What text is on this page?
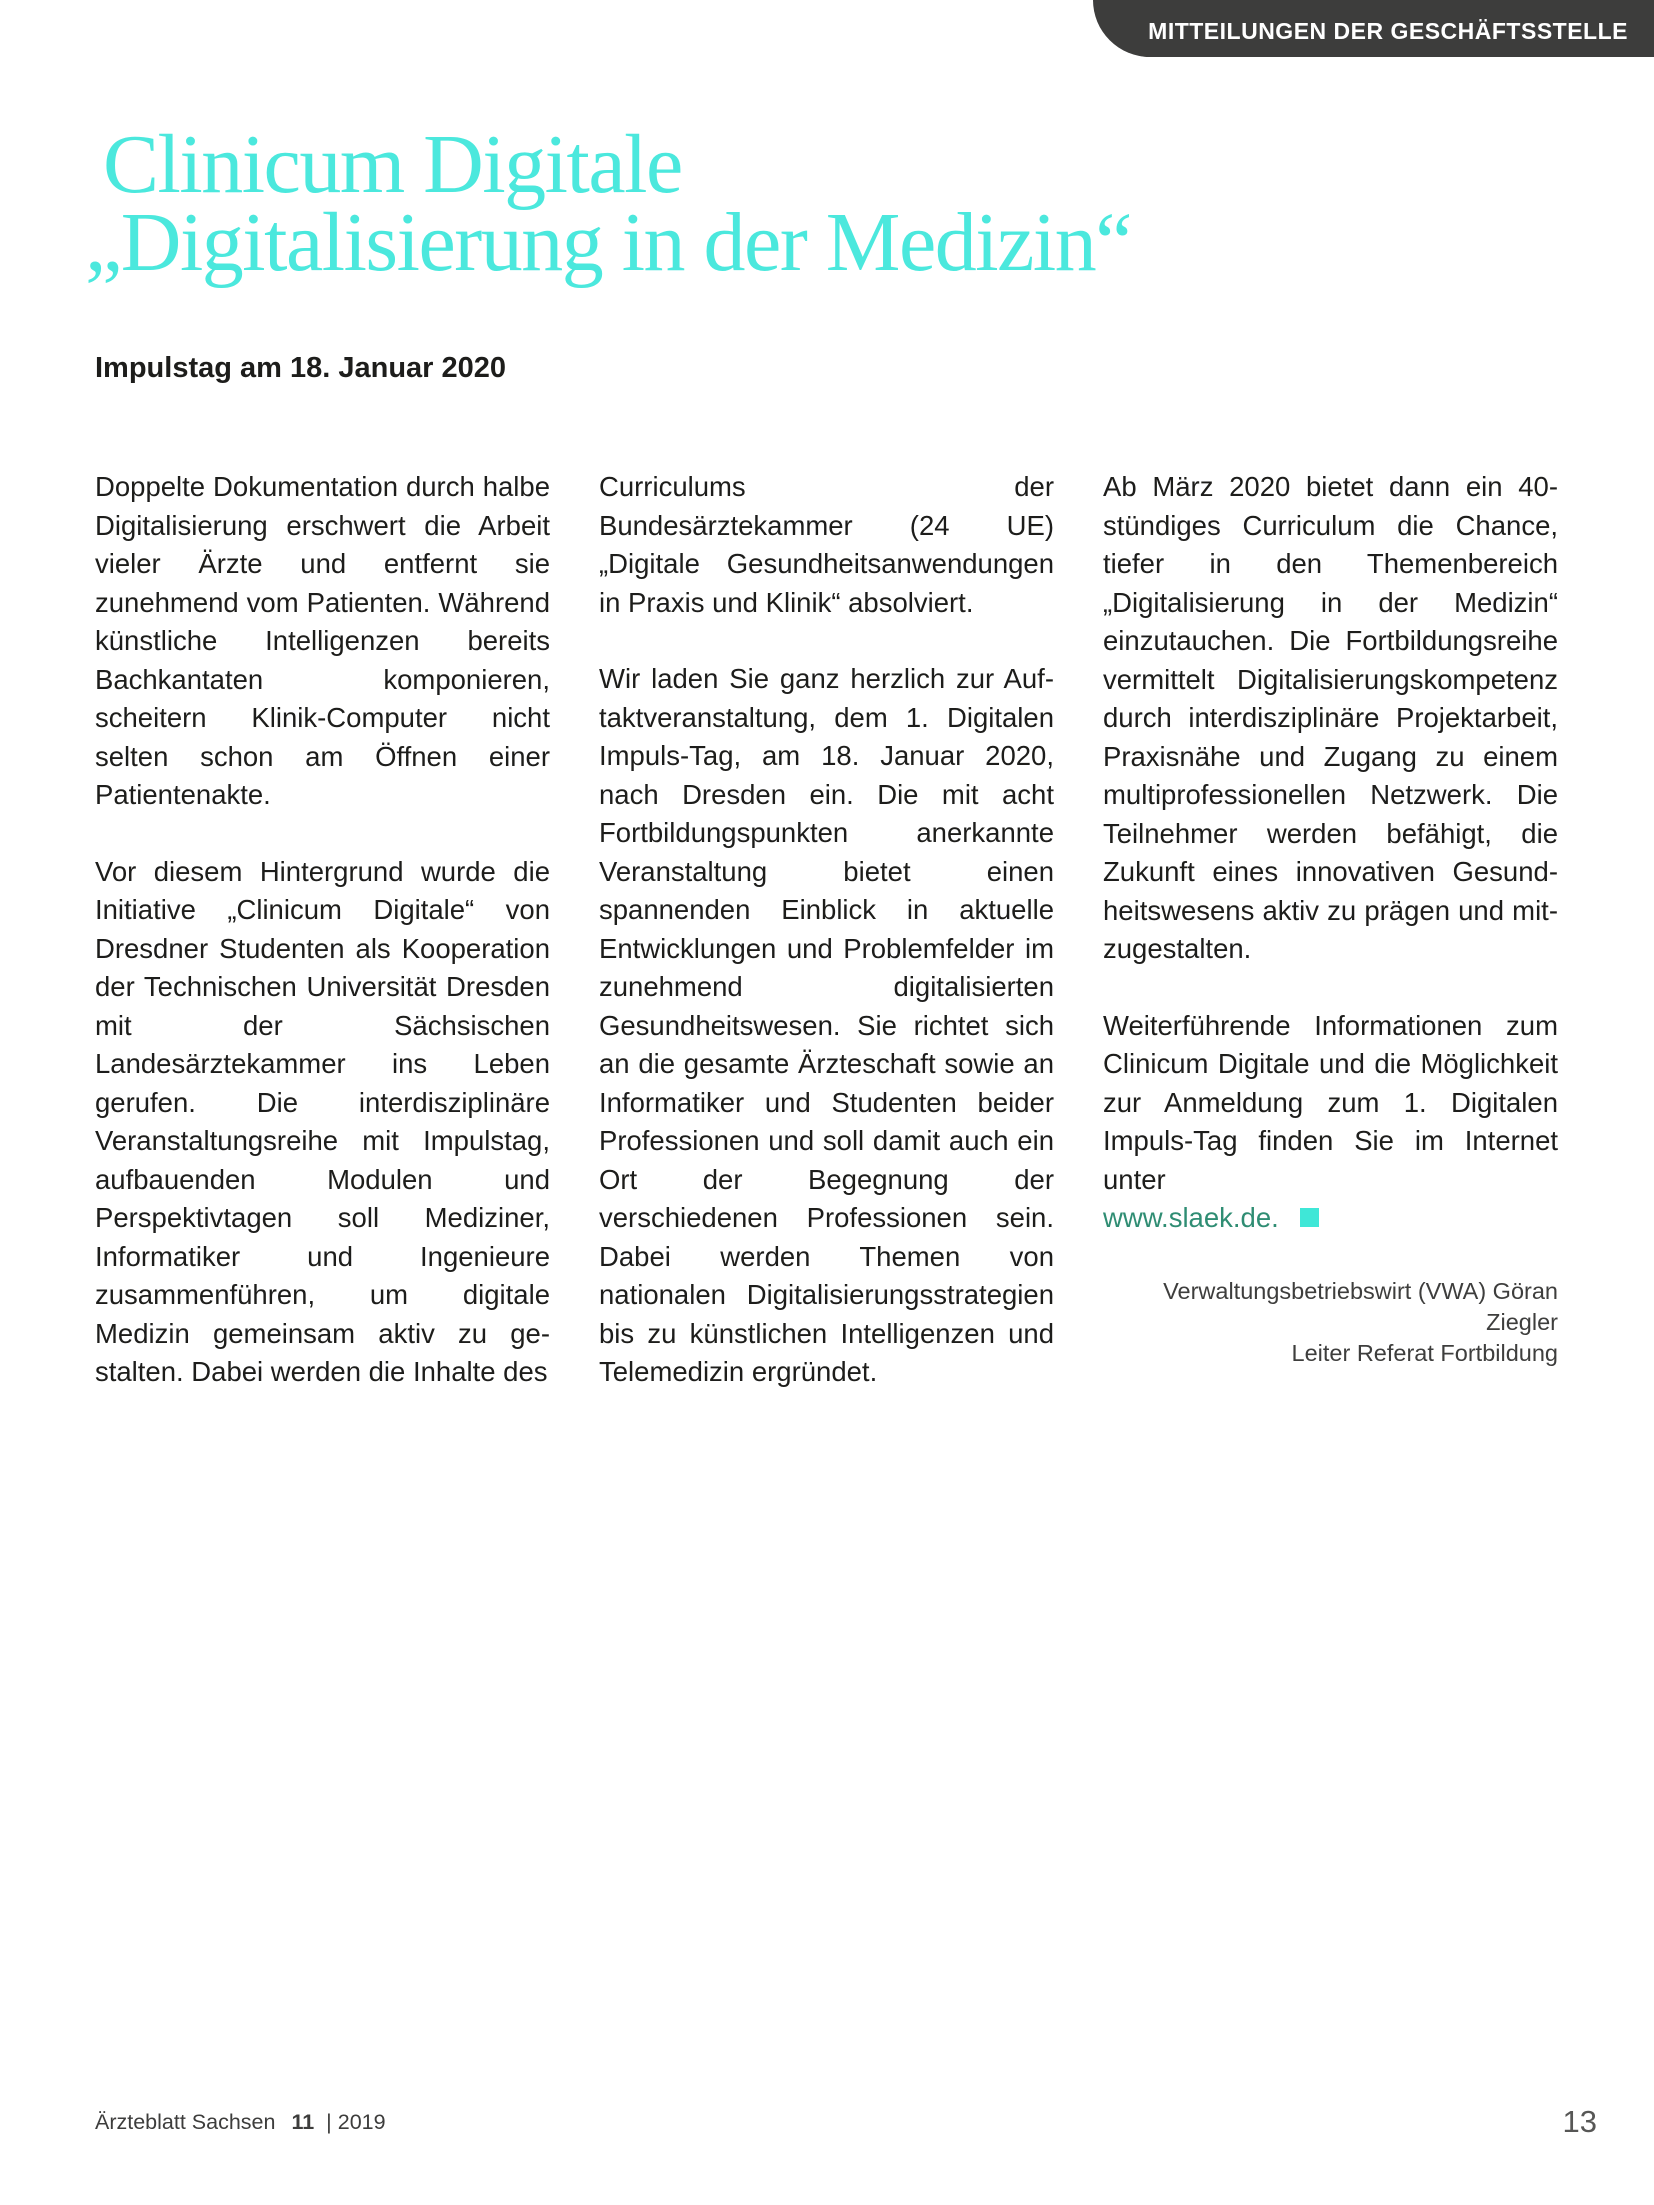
MITTEILUNGEN DER GESCHÄFTSSTELLE
Clinicum Digitale
„Digitalisierung in der Medizin“
Impulstag am 18. Januar 2020

Doppelte Dokumentation durch halbe Digitalisierung erschwert die Arbeit vieler Ärzte und entfernt sie zunehmend vom Patienten. Während künstliche Intelligenzen bereits Bachkantaten komponieren, scheitern Klinik-Computer nicht selten schon am Öffnen einer Patientenakte.

Vor diesem Hintergrund wurde die Initiative „Clinicum Digitale“ von Dresdner Studenten als Kooperation der Technischen Universität Dresden mit der Sächsischen Landesärztekammer ins Leben gerufen. Die interdisziplinäre Veranstaltungsreihe mit Impulstag, aufbauenden Modulen und Perspektivtagen soll Mediziner, Informatiker und Ingenieure zusammenführen, um digitale Medizin gemeinsam aktiv zu gestalten. Dabei werden die Inhalte des

Curriculums der Bundesärztekammer (24 UE) „Digitale Gesundheitsanwendungen in Praxis und Klinik“ absolviert.

Wir laden Sie ganz herzlich zur Auftaktveranstaltung, dem 1. Digitalen Impuls-Tag, am 18. Januar 2020, nach Dresden ein. Die mit acht Fortbildungspunkten anerkannte Veranstaltung bietet einen spannenden Einblick in aktuelle Entwicklungen und Problemfelder im zunehmend digitalisierten Gesundheitswesen. Sie richtet sich an die gesamte Ärzteschaft sowie an Informatiker und Studenten beider Professionen und soll damit auch ein Ort der Begegnung der verschiedenen Professionen sein. Dabei werden Themen von nationalen Digitalisierungsstrategien bis zu künstlichen Intelligenzen und Telemedizin ergründet.

Ab März 2020 bietet dann ein 40-stündiges Curriculum die Chance, tiefer in den Themenbereich „Digitalisierung in der Medizin“ einzutauchen. Die Fortbildungsreihe vermittelt Digitalisierungskompetenz durch interdisziplinäre Projektarbeit, Praxisnähe und Zugang zu einem multiprofessionellen Netzwerk. Die Teilnehmer werden befähigt, die Zukunft eines innovativen Gesundheitswesens aktiv zu prägen und mitzugestalten.

Weiterführende Informationen zum Clinicum Digitale und die Möglichkeit zur Anmeldung zum 1. Digitalen Impuls-Tag finden Sie im Internet unter

www.slaek.de.

Verwaltungsbetriebswirt (VWA) Göran Ziegler
Leiter Referat Fortbildung
Ärzteblatt Sachsen 11 | 2019	13
